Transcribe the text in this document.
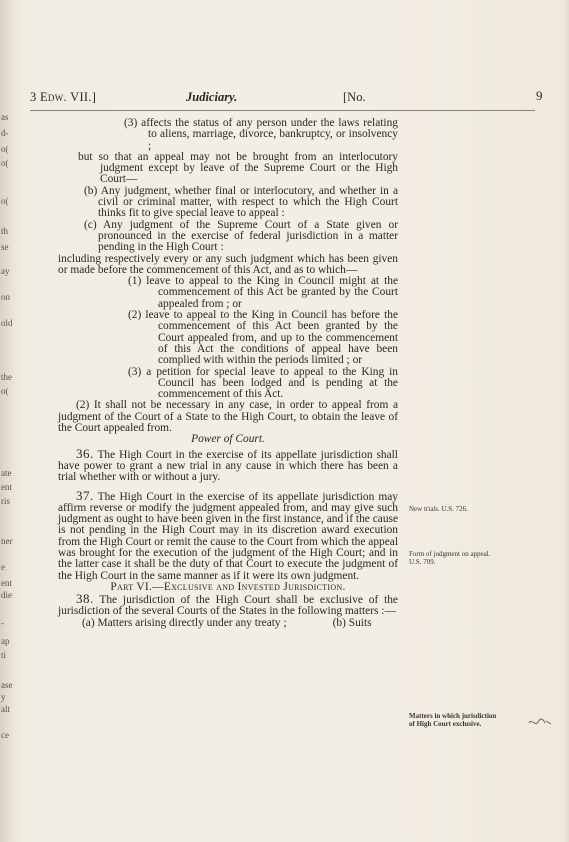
as
d-
o(
o(
o(
th
se
ay
on
old
the
o(
ate
ent
ris
ner
e
ent
die
-
ap
ti
ase
y
alt
ce
3 Edw. VII.]	Judiciary.	[No.	9

(3) affects the status of any person under the laws relating to aliens, marriage, divorce, bankruptcy, or insolvency ;

but so that an appeal may not be brought from an interlocutory judgment except by leave of the Supreme Court or the High Court—

(b) Any judgment, whether final or interlocutory, and whether in a civil or criminal matter, with respect to which the High Court thinks fit to give special leave to appeal :

(c) Any judgment of the Supreme Court of a State given or pronounced in the exercise of federal jurisdiction in a matter pending in the High Court :

including respectively every or any such judgment which has been given or made before the commencement of this Act, and as to which—

(1) leave to appeal to the King in Council might at the commencement of this Act be granted by the Court appealed from ; or

(2) leave to appeal to the King in Council has before the commencement of this Act been granted by the Court appealed from, and up to the commencement of this Act the conditions of appeal have been complied with within the periods limited ; or

(3) a petition for special leave to appeal to the King in Council has been lodged and is pending at the commencement of this Act.

(2) It shall not be necessary in any case, in order to appeal from a judgment of the Court of a State to the High Court, to obtain the leave of the Court appealed from.

Power of Court.

36. The High Court in the exercise of its appellate jurisdiction shall have power to grant a new trial in any cause in which there has been a trial whether with or without a jury.

37. The High Court in the exercise of its appellate jurisdiction may affirm reverse or modify the judgment appealed from, and may give such judgment as ought to have been given in the first instance, and if the cause is not pending in the High Court may in its discretion award execution from the High Court or remit the cause to the Court from which the appeal was brought for the execution of the judgment of the High Court; and in the latter case it shall be the duty of that Court to execute the judgment of the High Court in the same manner as if it were its own judgment.

Part VI.—Exclusive and Invested Jurisdiction.

38. The jurisdiction of the High Court shall be exclusive of the jurisdiction of the several Courts of the States in the following matters :—

(a) Matters arising directly under any treaty ;	(b) Suits

New trials. U.S. 726.
Form of judgment on appeal. U.S. 709.
Matters in which jurisdiction of High Court exclusive.
